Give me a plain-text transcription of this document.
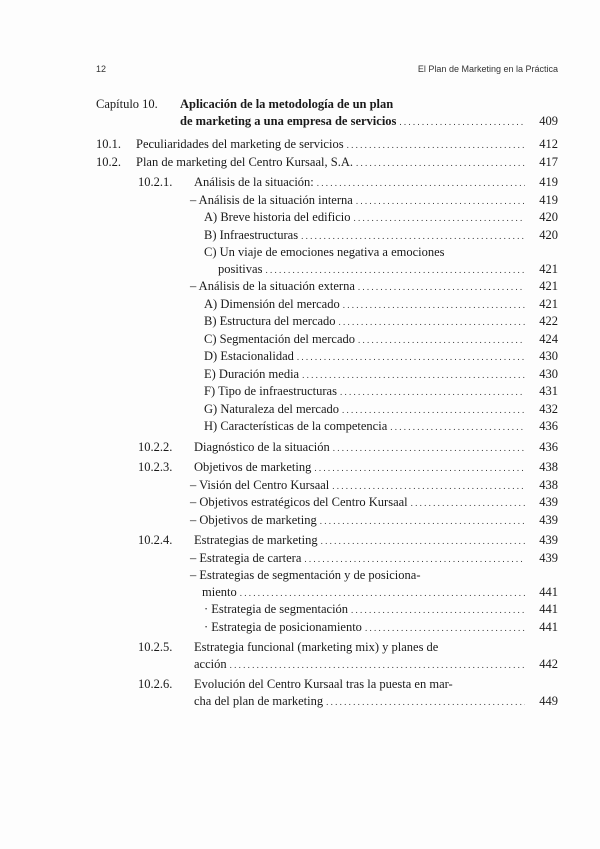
12	El Plan de Marketing en la Práctica
Capítulo 10. Aplicación de la metodología de un plan
de marketing a una empresa de servicios . . .	409
10.1. Peculiaridades del marketing de servicios . . .	412
10.2. Plan de marketing del Centro Kursaal, S.A. . . .	417
10.2.1. Análisis de la situación: . . .	419
– Análisis de la situación interna . . .	419
A) Breve historia del edificio . . .	420
B) Infraestructuras . . .	420
C) Un viaje de emociones negativa a emociones
positivas . . .	421
– Análisis de la situación externa . . .	421
A) Dimensión del mercado . . .	421
B) Estructura del mercado . . .	422
C) Segmentación del mercado . . .	424
D) Estacionalidad . . .	430
E) Duración media . . .	430
F) Tipo de infraestructuras . . .	431
G) Naturaleza del mercado . . .	432
H) Características de la competencia . . .	436
10.2.2. Diagnóstico de la situación . . .	436
10.2.3. Objetivos de marketing . . .	438
– Visión del Centro Kursaal . . .	438
– Objetivos estratégicos del Centro Kursaal . . .	439
– Objetivos de marketing . . .	439
10.2.4. Estrategias de marketing . . .	439
– Estrategia de cartera . . .	439
– Estrategias de segmentación y de posiciona-
miento . . .	441
· Estrategia de segmentación . . .	441
· Estrategia de posicionamiento . . .	441
10.2.5. Estrategia funcional (marketing mix) y planes de
acción . . .	442
10.2.6. Evolución del Centro Kursaal tras la puesta en mar-
cha del plan de marketing . . .	449
